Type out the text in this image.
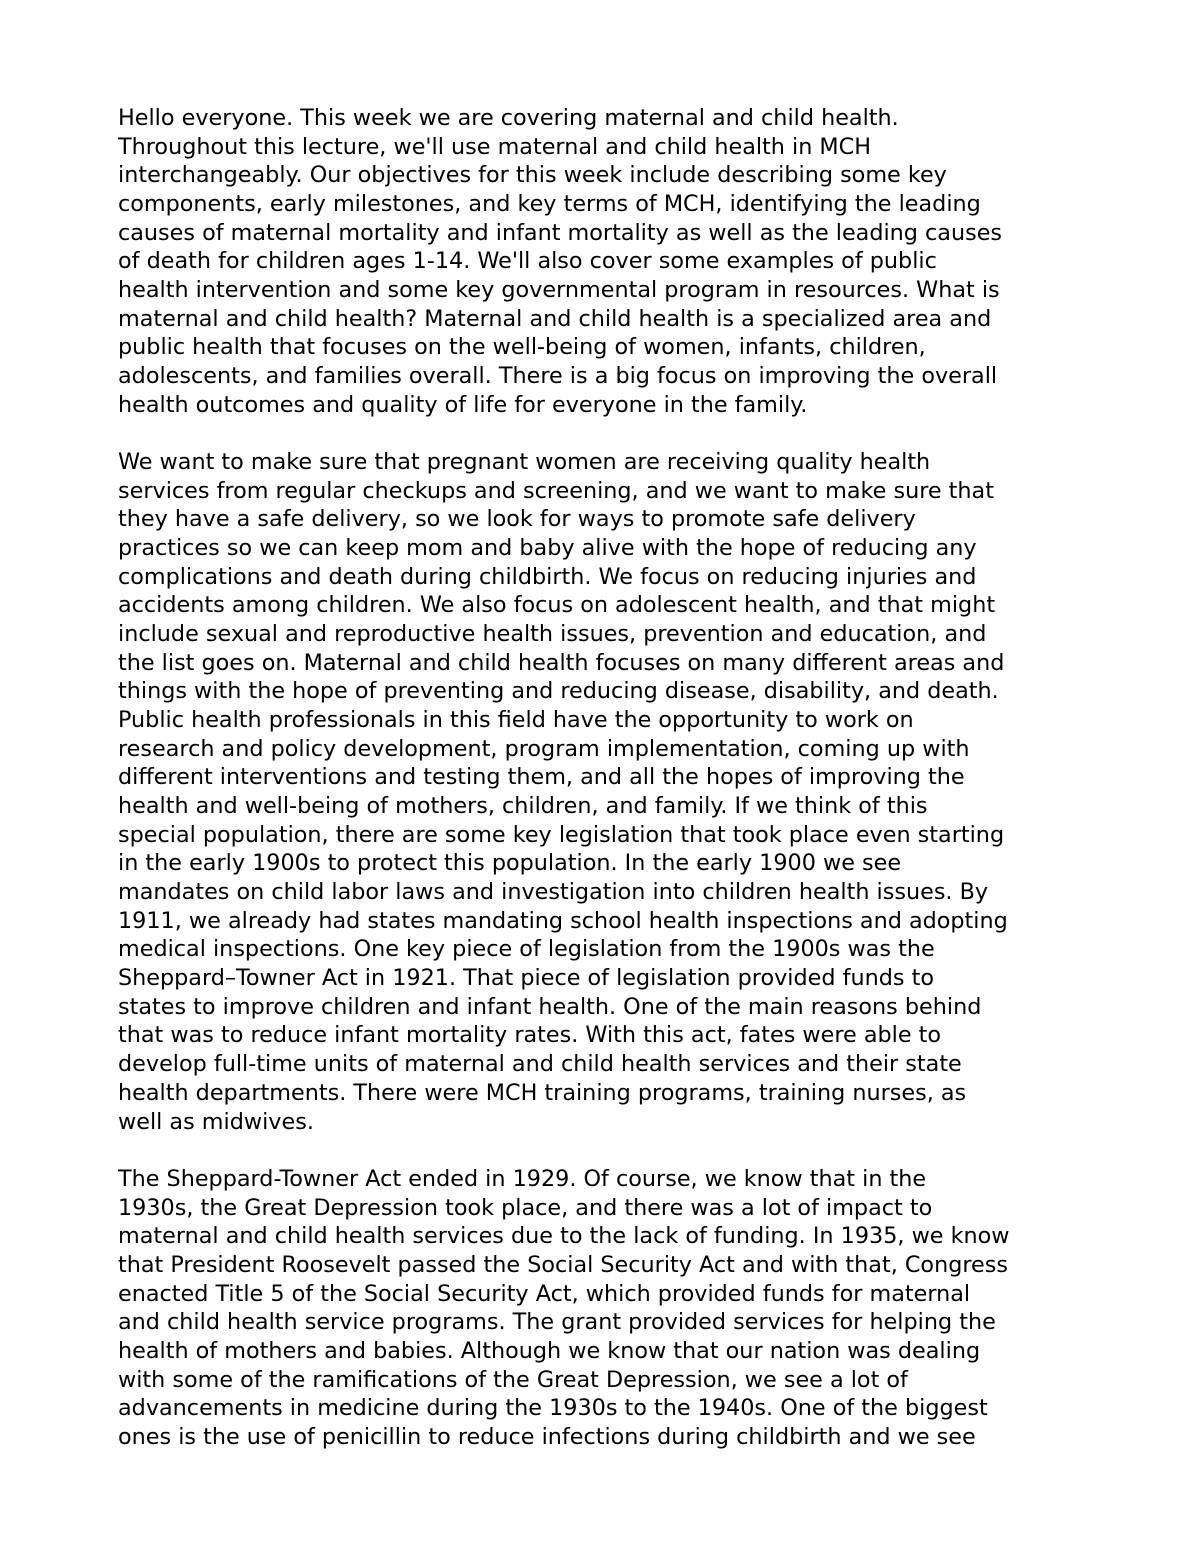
Hello everyone. This week we are covering maternal and child health.
Throughout this lecture, we'll use maternal and child health in MCH
interchangeably. Our objectives for this week include describing some key
components, early milestones, and key terms of MCH, identifying the leading
causes of maternal mortality and infant mortality as well as the leading causes
of death for children ages 1-14. We'll also cover some examples of public
health intervention and some key governmental program in resources. What is
maternal and child health? Maternal and child health is a specialized area and
public health that focuses on the well-being of women, infants, children,
adolescents, and families overall. There is a big focus on improving the overall
health outcomes and quality of life for everyone in the family.

We want to make sure that pregnant women are receiving quality health
services from regular checkups and screening, and we want to make sure that
they have a safe delivery, so we look for ways to promote safe delivery
practices so we can keep mom and baby alive with the hope of reducing any
complications and death during childbirth. We focus on reducing injuries and
accidents among children. We also focus on adolescent health, and that might
include sexual and reproductive health issues, prevention and education, and
the list goes on. Maternal and child health focuses on many different areas and
things with the hope of preventing and reducing disease, disability, and death.
Public health professionals in this field have the opportunity to work on
research and policy development, program implementation, coming up with
different interventions and testing them, and all the hopes of improving the
health and well-being of mothers, children, and family. If we think of this
special population, there are some key legislation that took place even starting
in the early 1900s to protect this population. In the early 1900 we see
mandates on child labor laws and investigation into children health issues. By
1911, we already had states mandating school health inspections and adopting
medical inspections. One key piece of legislation from the 1900s was the
Sheppard–Towner Act in 1921. That piece of legislation provided funds to
states to improve children and infant health. One of the main reasons behind
that was to reduce infant mortality rates. With this act, fates were able to
develop full-time units of maternal and child health services and their state
health departments. There were MCH training programs, training nurses, as
well as midwives.

The Sheppard-Towner Act ended in 1929. Of course, we know that in the
1930s, the Great Depression took place, and there was a lot of impact to
maternal and child health services due to the lack of funding. In 1935, we know
that President Roosevelt passed the Social Security Act and with that, Congress
enacted Title 5 of the Social Security Act, which provided funds for maternal
and child health service programs. The grant provided services for helping the
health of mothers and babies. Although we know that our nation was dealing
with some of the ramifications of the Great Depression, we see a lot of
advancements in medicine during the 1930s to the 1940s. One of the biggest
ones is the use of penicillin to reduce infections during childbirth and we see
